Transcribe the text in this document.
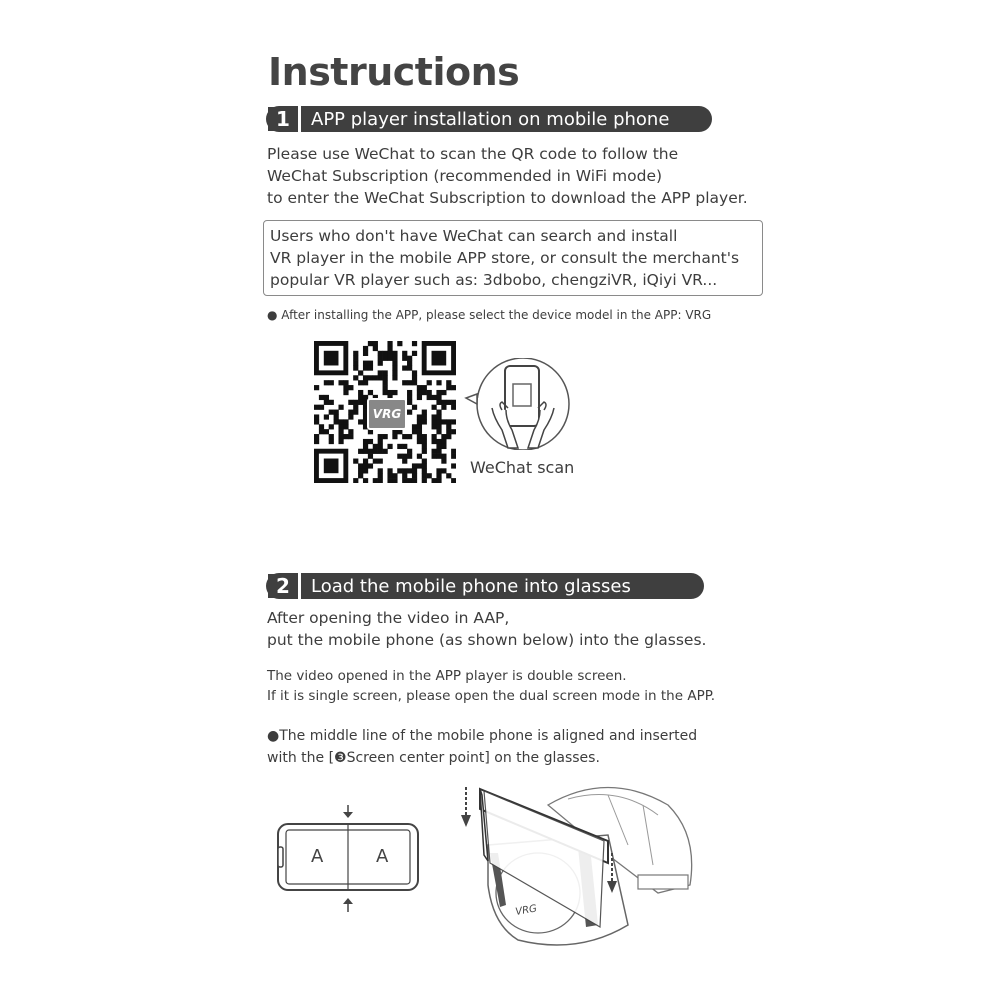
Instructions
1	APP player installation on mobile phone
Please use WeChat to scan the QR code to follow the
WeChat Subscription (recommended in WiFi mode)
to enter the WeChat Subscription to download the APP player.
Users who don't have WeChat can search and install
VR player in the mobile APP store, or consult the merchant's
popular VR player such as: 3dbobo, chengziVR, iQiyi VR...
● After installing the APP, please select the device model in the APP: VRG
VRG
WeChat scan
2	Load the mobile phone into glasses
After opening the video in AAP,
put the mobile phone (as shown below) into the glasses.
The video opened in the APP player is double screen.
If it is single screen, please open the dual screen mode in the APP.
●The middle line of the mobile phone is aligned and inserted
with the [❸Screen center point] on the glasses.
A	A
VRG
